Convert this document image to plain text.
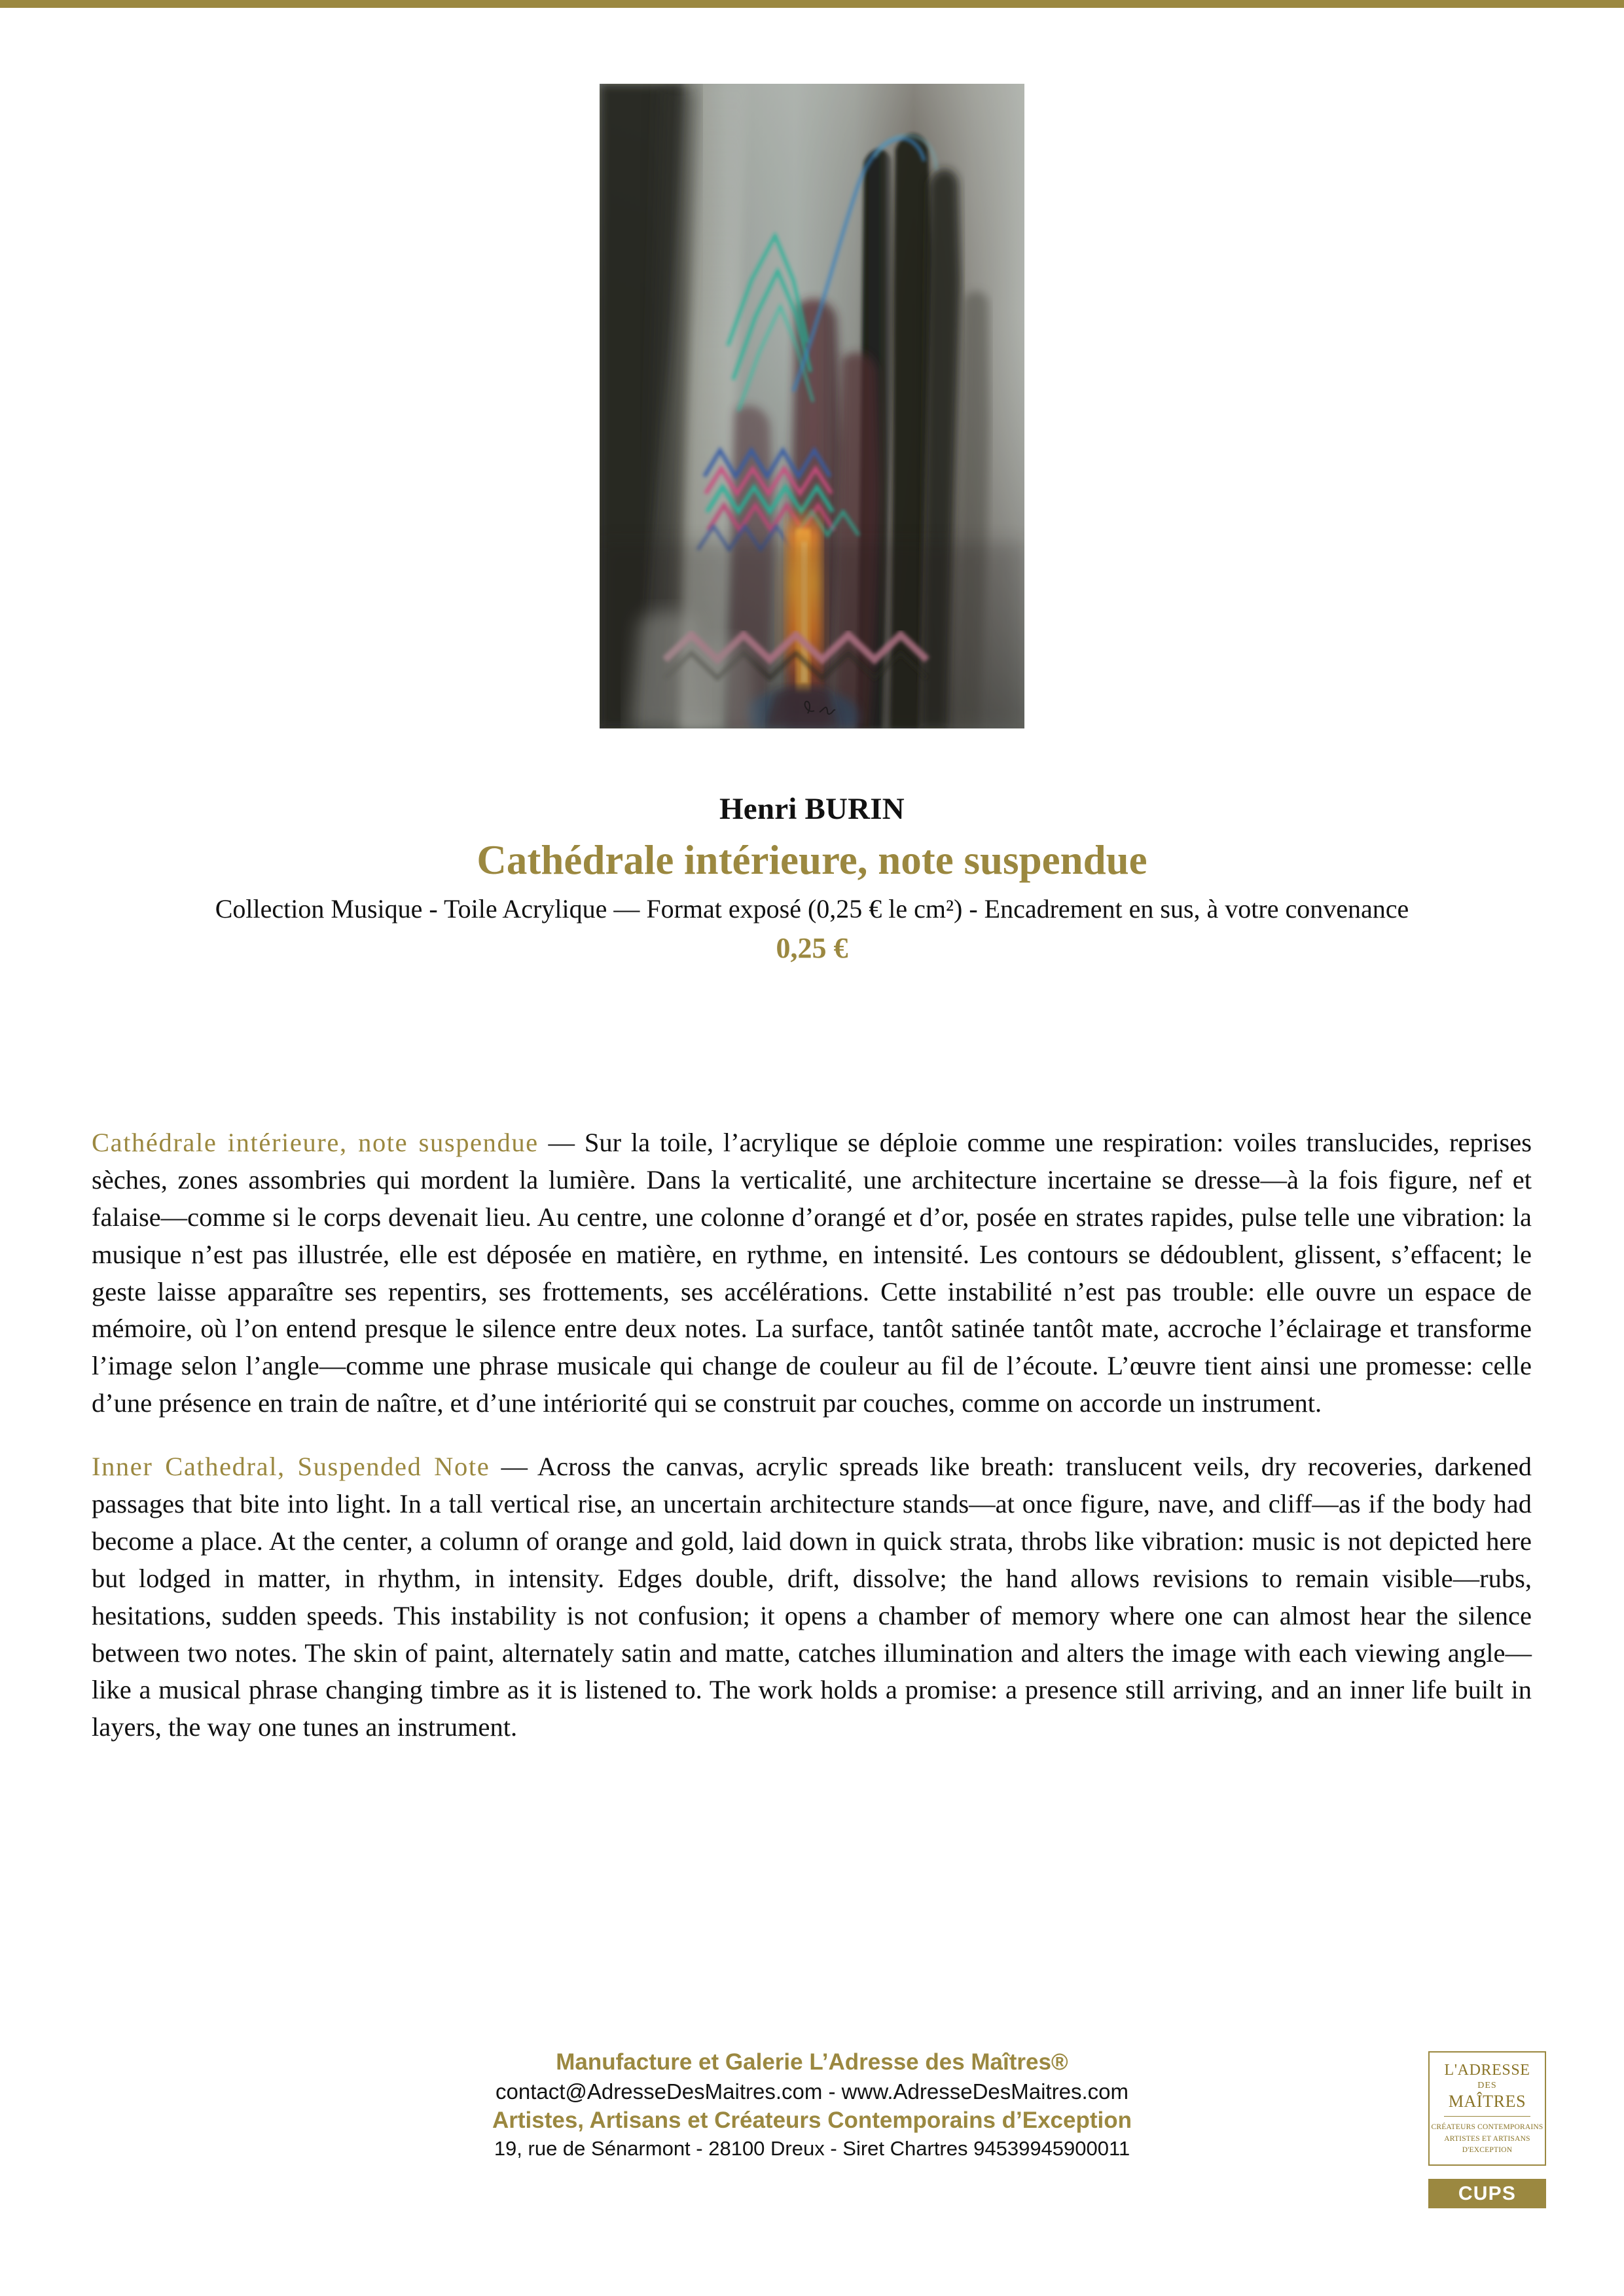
Henri BURIN
Cathédrale intérieure, note suspendue
Collection Musique - Toile Acrylique — Format exposé (0,25 € le cm²) - Encadrement en sus, à votre convenance
0,25 €

Cathédrale intérieure, note suspendue — Sur la toile, l’acrylique se déploie comme une respiration: voiles translucides, reprises sèches, zones assombries qui mordent la lumière. Dans la verticalité, une architecture incertaine se dresse—à la fois figure, nef et falaise—comme si le corps devenait lieu. Au centre, une colonne d’orangé et d’or, posée en strates rapides, pulse telle une vibration: la musique n’est pas illustrée, elle est déposée en matière, en rythme, en intensité. Les contours se dédoublent, glissent, s’effacent; le geste laisse apparaître ses repentirs, ses frottements, ses accélérations. Cette instabilité n’est pas trouble: elle ouvre un espace de mémoire, où l’on entend presque le silence entre deux notes. La surface, tantôt satinée tantôt mate, accroche l’éclairage et transforme l’image selon l’angle—comme une phrase musicale qui change de couleur au fil de l’écoute. L’œuvre tient ainsi une promesse: celle d’une présence en train de naître, et d’une intériorité qui se construit par couches, comme on accorde un instrument.

Inner Cathedral, Suspended Note — Across the canvas, acrylic spreads like breath: translucent veils, dry recoveries, darkened passages that bite into light. In a tall vertical rise, an uncertain architecture stands—at once figure, nave, and cliff—as if the body had become a place. At the center, a column of orange and gold, laid down in quick strata, throbs like vibration: music is not depicted here but lodged in matter, in rhythm, in intensity. Edges double, drift, dissolve; the hand allows revisions to remain visible—rubs, hesitations, sudden speeds. This instability is not confusion; it opens a chamber of memory where one can almost hear the silence between two notes. The skin of paint, alternately satin and matte, catches illumination and alters the image with each viewing angle—like a musical phrase changing timbre as it is listened to. The work holds a promise: a presence still arriving, and an inner life built in layers, the way one tunes an instrument.

Manufacture et Galerie L’Adresse des Maîtres®

contact@AdresseDesMaitres.com - www.AdresseDesMaitres.com

Artistes, Artisans et Créateurs Contemporains d’Exception

19, rue de Sénarmont - 28100 Dreux - Siret Chartres 94539945900011

L'ADRESSE
DES
MAÎTRES
CRÉATEURS CONTEMPORAINS
ARTISTES ET ARTISANS
D'EXCEPTION
CUPS
